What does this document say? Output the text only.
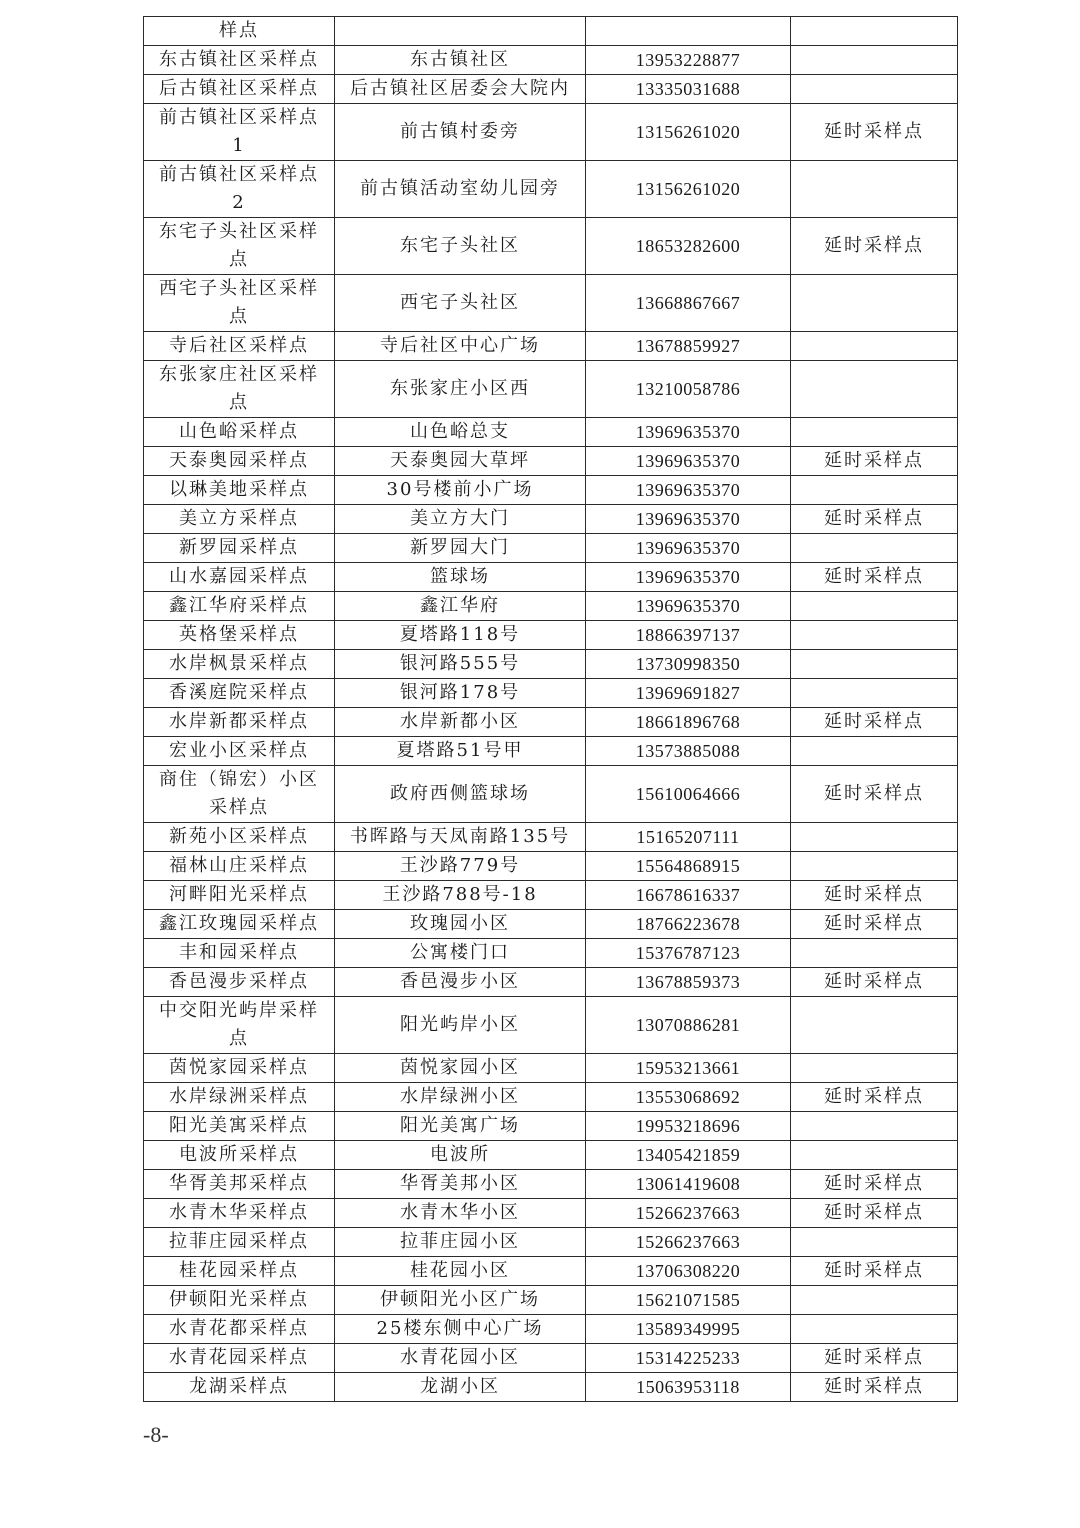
样点			
东古镇社区采样点	东古镇社区	13953228877	
后古镇社区采样点	后古镇社区居委会大院内	13335031688	
前古镇社区采样点1	前古镇村委旁	13156261020	延时采样点
前古镇社区采样点2	前古镇活动室幼儿园旁	13156261020	
东宅子头社区采样点	东宅子头社区	18653282600	延时采样点
西宅子头社区采样点	西宅子头社区	13668867667	
寺后社区采样点	寺后社区中心广场	13678859927	
东张家庄社区采样点	东张家庄小区西	13210058786	
山色峪采样点	山色峪总支	13969635370	
天泰奥园采样点	天泰奥园大草坪	13969635370	延时采样点
以琳美地采样点	30号楼前小广场	13969635370	
美立方采样点	美立方大门	13969635370	延时采样点
新罗园采样点	新罗园大门	13969635370	
山水嘉园采样点	篮球场	13969635370	延时采样点
鑫江华府采样点	鑫江华府	13969635370	
英格堡采样点	夏塔路118号	18866397137	
水岸枫景采样点	银河路555号	13730998350	
香溪庭院采样点	银河路178号	13969691827	
水岸新都采样点	水岸新都小区	18661896768	延时采样点
宏业小区采样点	夏塔路51号甲	13573885088	
商住（锦宏）小区采样点	政府西侧篮球场	15610064666	延时采样点
新苑小区采样点	书晖路与天凤南路135号	15165207111	
福林山庄采样点	王沙路779号	15564868915	
河畔阳光采样点	王沙路788号-18	16678616337	延时采样点
鑫江玫瑰园采样点	玫瑰园小区	18766223678	延时采样点
丰和园采样点	公寓楼门口	15376787123	
香邑漫步采样点	香邑漫步小区	13678859373	延时采样点
中交阳光屿岸采样点	阳光屿岸小区	13070886281	
茵悦家园采样点	茵悦家园小区	15953213661	
水岸绿洲采样点	水岸绿洲小区	13553068692	延时采样点
阳光美寓采样点	阳光美寓广场	19953218696	
电波所采样点	电波所	13405421859	
华胥美邦采样点	华胥美邦小区	13061419608	延时采样点
水青木华采样点	水青木华小区	15266237663	延时采样点
拉菲庄园采样点	拉菲庄园小区	15266237663	
桂花园采样点	桂花园小区	13706308220	延时采样点
伊顿阳光采样点	伊顿阳光小区广场	15621071585	
水青花都采样点	25楼东侧中心广场	13589349995	
水青花园采样点	水青花园小区	15314225233	延时采样点
龙湖采样点	龙湖小区	15063953118	延时采样点
-8-
